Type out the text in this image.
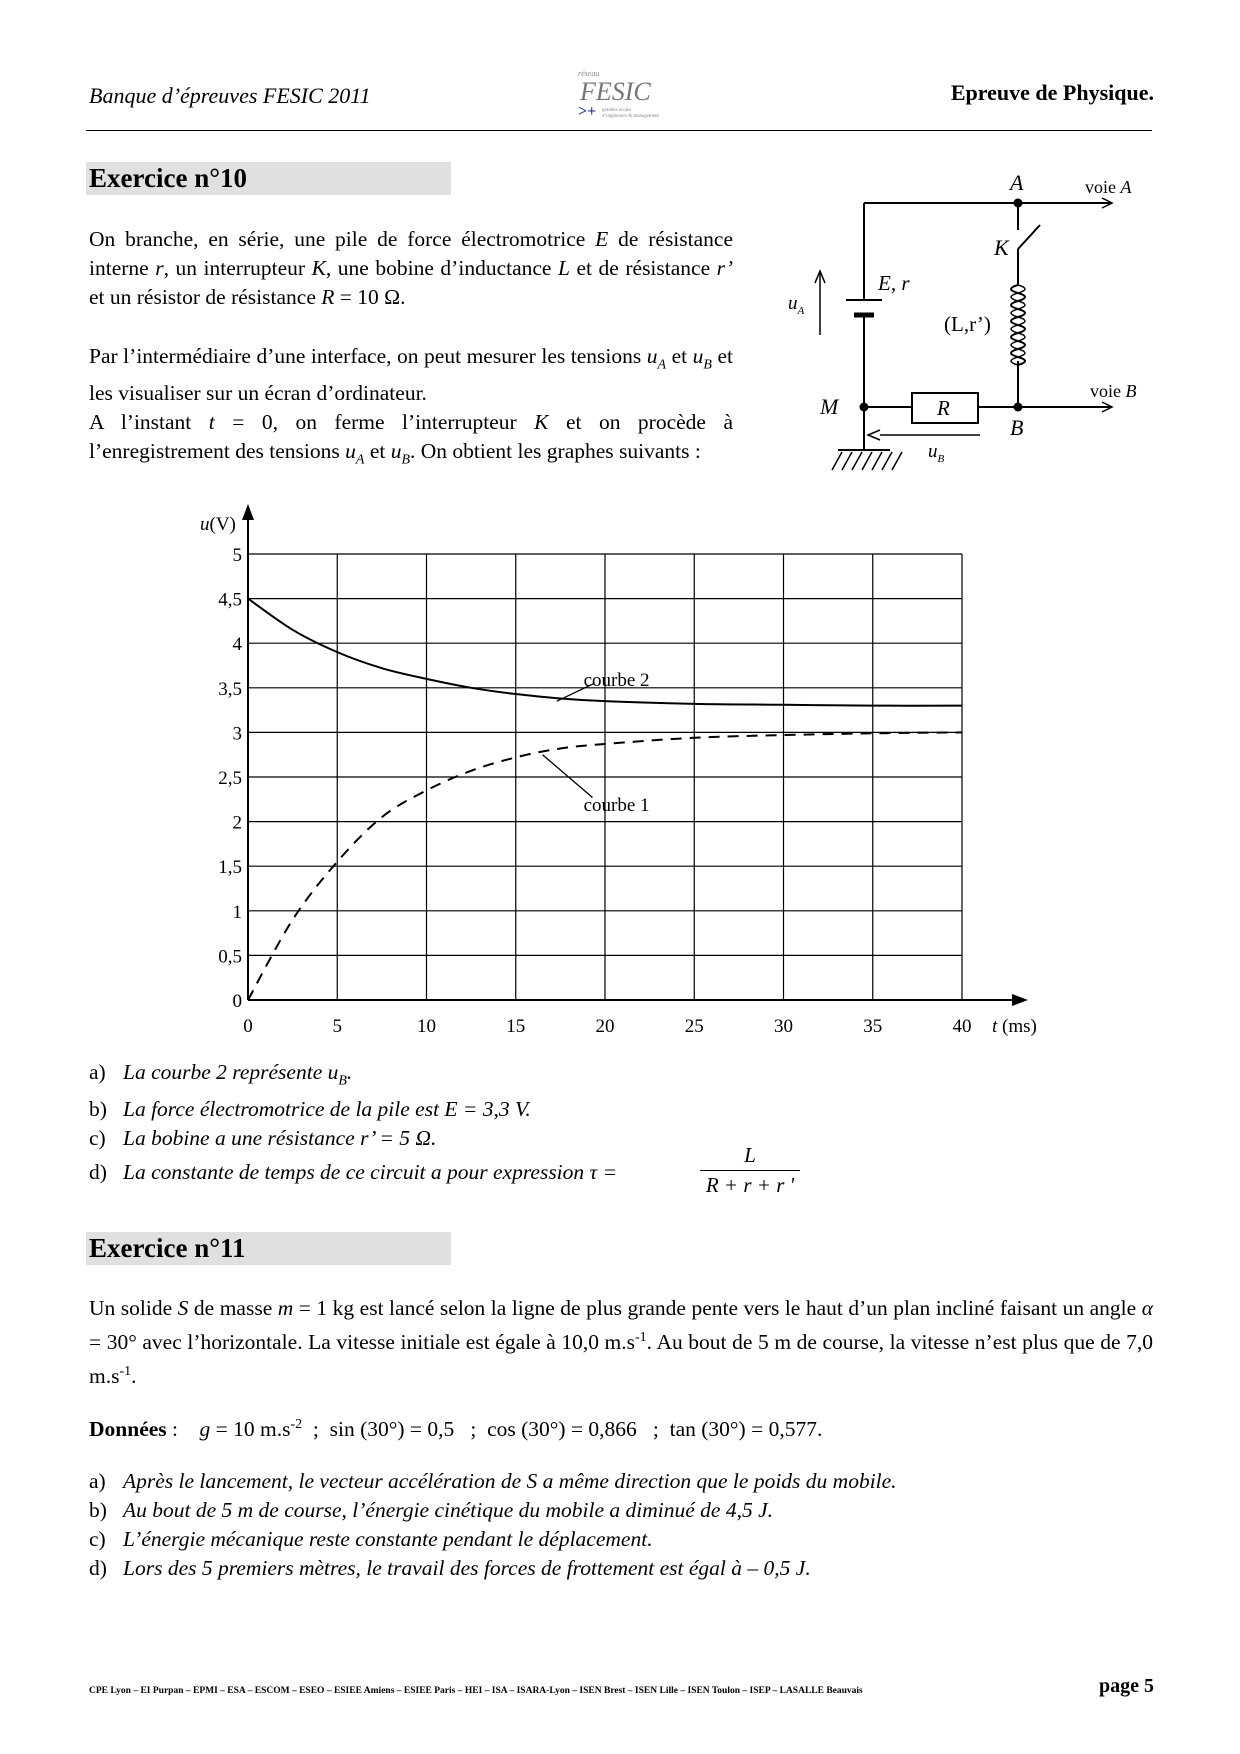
Banque d’épreuves FESIC 2011
réseau
FESIC
>+ grandes écoles
d’ingénieurs & management
Epreuve de Physique.
Exercice n°10
On branche, en série, une pile de force électromotrice E de résistance interne r, un interrupteur K, une bobine d’inductance L et de résistance r’ et un résistor de résistance R = 10 Ω.
Par l’intermédiaire d’une interface, on peut mesurer les tensions $u_A$ et $u_B$ et les visualiser sur un écran d’ordinateur.
A l’instant t = 0, on ferme l’interrupteur K et on procède à l’enregistrement des tensions $u_A$ et $u_B$. On obtient les graphes suivants :
A	voie A
K
E, r
(L,r’)
$u_A$
M	R
B
voie B
$u_B$
0	5	10	15	20	25	30	35	40
0
0,5
1
1,5
2
2,5
3
3,5
4
4,5
5
courbe 2
courbe 1
u(V)
t (ms)
a) La courbe 2 représente $u_B$.
b) La force électromotrice de la pile est E = 3,3 V.
c) La bobine a une résistance r’ = 5 Ω.
d) La constante de temps de ce circuit a pour expression τ =	$\frac{L}{R + r + r '}$
Exercice n°11
Un solide S de masse m = 1 kg est lancé selon la ligne de plus grande pente vers le haut d’un plan incliné faisant un angle α = 30° avec l’horizontale. La vitesse initiale est égale à 10,0 $m.s^{-1}$. Au bout de 5 m de course, la vitesse n’est plus que de 7,0 $m.s^{-1}$.
Données : g = 10 $m.s^{-2}$  ;  sin (30°) = 0,5   ;  cos (30°) = 0,866   ;  tan (30°) = 0,577.
a) Après le lancement, le vecteur accélération de S a même direction que le poids du mobile.
b) Au bout de 5 m de course, l’énergie cinétique du mobile a diminué de 4,5 J.
c) L’énergie mécanique reste constante pendant le déplacement.
d) Lors des 5 premiers mètres, le travail des forces de frottement est égal à – 0,5 J.
CPE Lyon – EI Purpan – EPMI – ESA – ESCOM – ESEO – ESIEE Amiens – ESIEE Paris – HEI – ISA – ISARA-Lyon – ISEN Brest – ISEN Lille – ISEN Toulon – ISEP – LASALLE Beauvais	page 5
